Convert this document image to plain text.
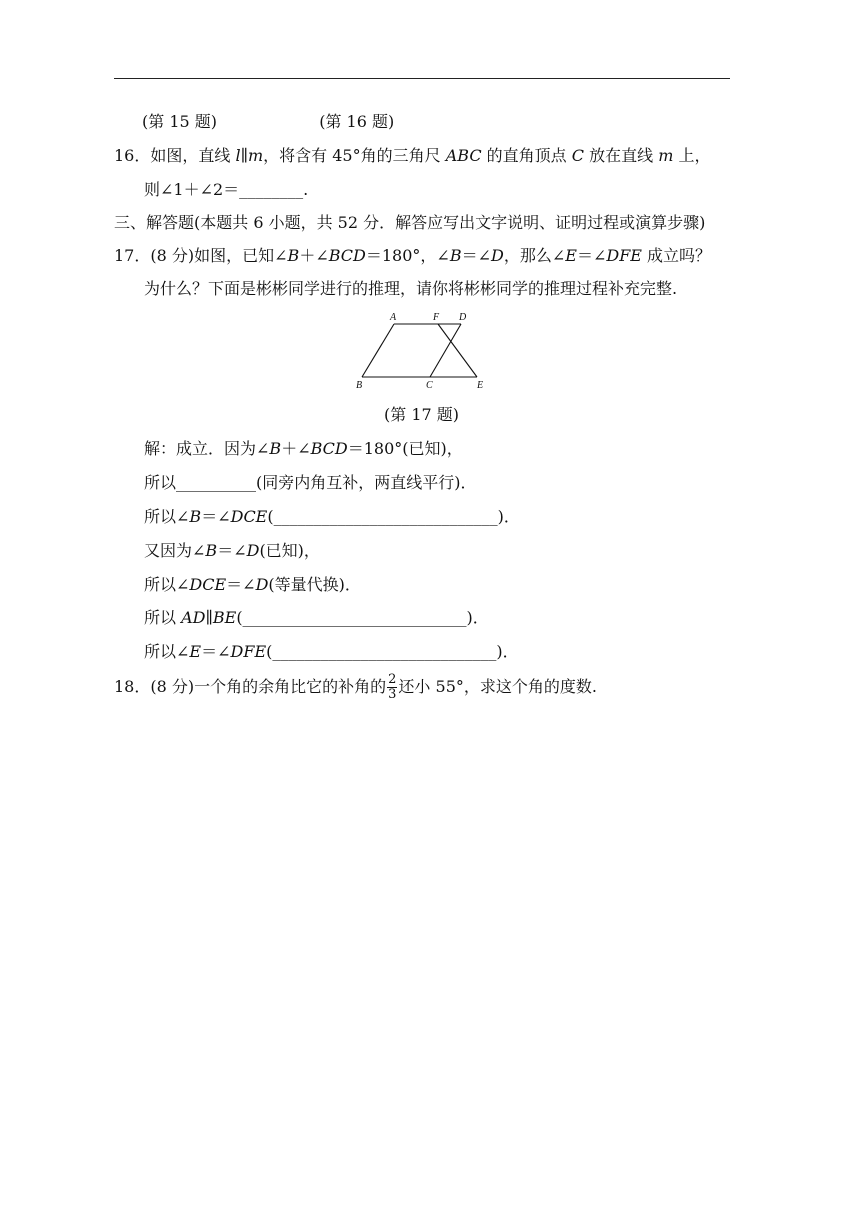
(第 15 题)	(第 16 题)
16．如图，直线 l∥m，将含有 45°角的三角尺 ABC 的直角顶点 C 放在直线 m 上，
则∠1＋∠2＝________.
三、解答题(本题共 6 小题，共 52 分．解答应写出文字说明、证明过程或演算步骤)
17．(8 分)如图，已知∠B＋∠BCD＝180°，∠B＝∠D，那么∠E＝∠DFE 成立吗？
为什么？下面是彬彬同学进行的推理，请你将彬彬同学的推理过程补充完整.
A	F D
B	C	E
(第 17 题)
解：成立．因为∠B＋∠BCD＝180°(已知)，
所以__________(同旁内角互补，两直线平行)．
所以∠B＝∠DCE(____________________________)．
又因为∠B＝∠D(已知)，
所以∠DCE＝∠D(等量代换)．
所以 AD∥BE(____________________________)．
所以∠E＝∠DFE(____________________________)．
18．(8 分)一个角的余角比它的补角的 $\frac{2}{3}$ 还小 55°，求这个角的度数.
